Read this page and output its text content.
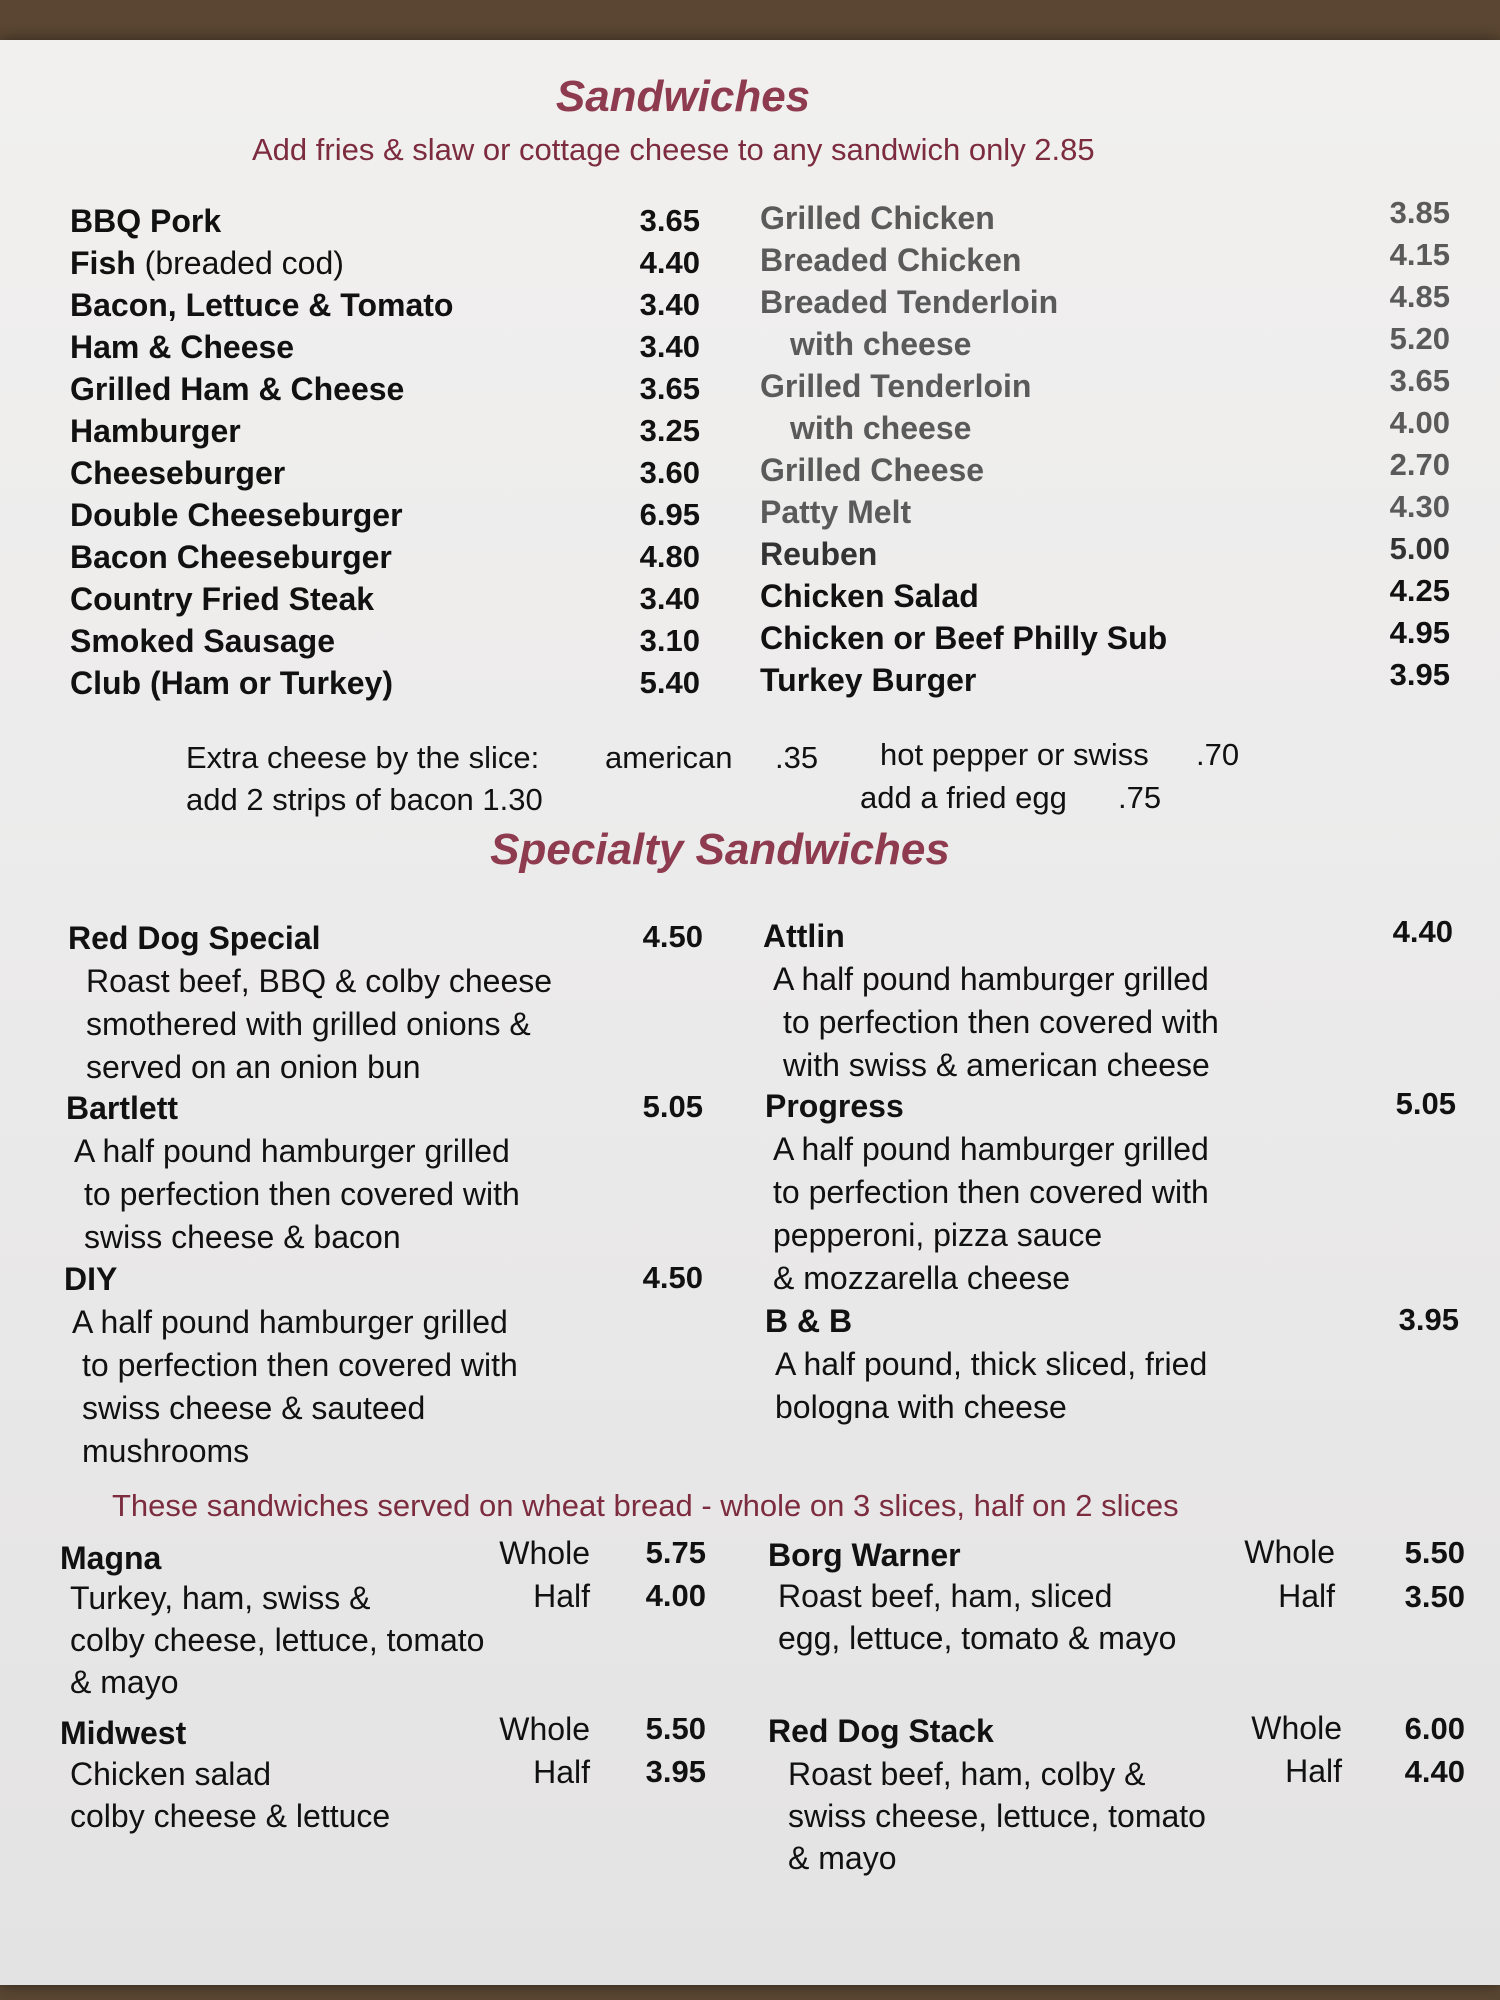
Sandwiches
Add fries & slaw or cottage cheese to any sandwich only 2.85
BBQ Pork	3.65
Fish (breaded cod)	4.40
Bacon, Lettuce & Tomato	3.40
Ham & Cheese	3.40
Grilled Ham & Cheese	3.65
Hamburger	3.25
Cheeseburger	3.60
Double Cheeseburger	6.95
Bacon Cheeseburger	4.80
Country Fried Steak	3.40
Smoked Sausage	3.10
Club (Ham or Turkey)	5.40
Grilled Chicken	3.85
Breaded Chicken	4.15
Breaded Tenderloin	4.85
with cheese	5.20
Grilled Tenderloin	3.65
with cheese	4.00
Grilled Cheese	2.70
Patty Melt	4.30
Reuben	5.00
Chicken Salad	4.25
Chicken or Beef Philly Sub	4.95
Turkey Burger	3.95
Extra cheese by the slice: american .35 hot pepper or swiss .70
add 2 strips of bacon 1.30	add a fried egg .75
Specialty Sandwiches
Red Dog Special	4.50
Roast beef, BBQ & colby cheese
smothered with grilled onions &
served on an onion bun
Bartlett	5.05
A half pound hamburger grilled
to perfection then covered with
swiss cheese & bacon
DIY	4.50
A half pound hamburger grilled
to perfection then covered with
swiss cheese & sauteed
mushrooms
Attlin	4.40
A half pound hamburger grilled
to perfection then covered with
with swiss & american cheese
Progress	5.05
A half pound hamburger grilled
to perfection then covered with
pepperoni, pizza sauce
& mozzarella cheese
B & B	3.95
A half pound, thick sliced, fried
bologna with cheese
These sandwiches served on wheat bread - whole on 3 slices, half on 2 slices
Magna	Whole	5.75
Half	4.00
Turkey, ham, swiss &
colby cheese, lettuce, tomato
& mayo
Midwest	Whole	5.50
Half	3.95
Chicken salad
colby cheese & lettuce
Borg Warner	Whole	5.50
Half	3.50
Roast beef, ham, sliced
egg, lettuce, tomato & mayo
Red Dog Stack	Whole	6.00
Half	4.40
Roast beef, ham, colby &
swiss cheese, lettuce, tomato
& mayo
